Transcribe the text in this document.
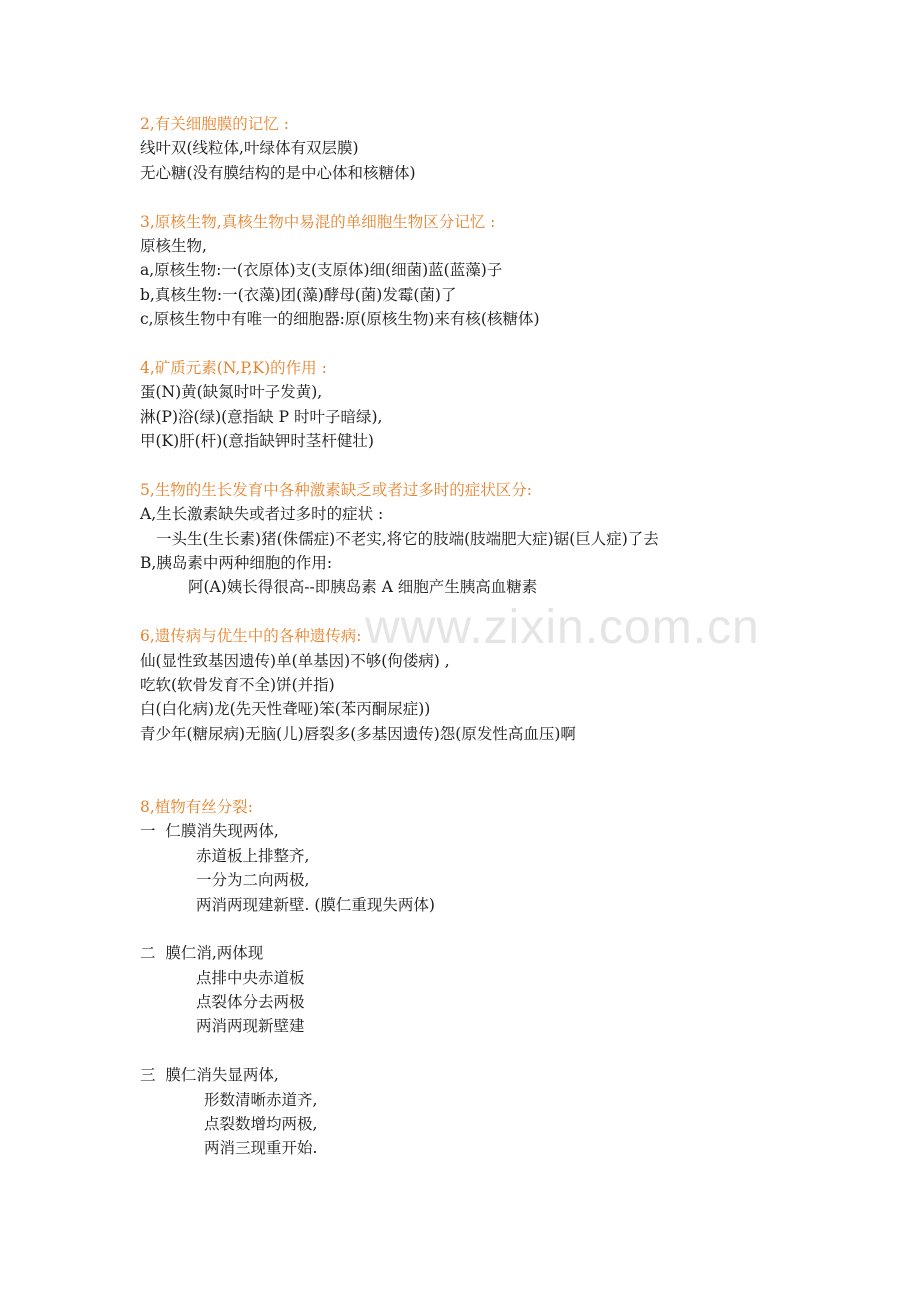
2,有关细胞膜的记忆 :
线叶双(线粒体,叶绿体有双层膜)
无心糖(没有膜结构的是中心体和核糖体)
3,原核生物,真核生物中易混的单细胞生物区分记忆 :
原核生物,
a,原核生物:一(衣原体)支(支原体)细(细菌)蓝(蓝藻)子
b,真核生物:一(衣藻)团(藻)酵母(菌)发霉(菌)了
c,原核生物中有唯一的细胞器:原(原核生物)来有核(核糖体)
4,矿质元素(N,P,K)的作用 :
蛋(N)黄(缺氮时叶子发黄),
淋(P)浴(绿)(意指缺 P 时叶子暗绿),
甲(K)肝(杆)(意指缺钾时茎杆健壮)
5,生物的生长发育中各种激素缺乏或者过多时的症状区分:
A,生长激素缺失或者过多时的症状 :
一头生(生长素)猪(侏儒症)不老实,将它的肢端(肢端肥大症)锯(巨人症)了去
B,胰岛素中两种细胞的作用:
阿(A)姨长得很高--即胰岛素 A 细胞产生胰高血糖素
6,遗传病与优生中的各种遗传病:
仙(显性致基因遗传)单(单基因)不够(佝偻病) ,
吃软(软骨发育不全)饼(并指)
白(白化病)龙(先天性聋哑)笨(苯丙酮尿症))
青少年(糖尿病)无脑(儿)唇裂多(多基因遗传)怨(原发性高血压)啊
8,植物有丝分裂:
一  仁膜消失现两体,
赤道板上排整齐,
一分为二向两极,
两消两现建新壁. (膜仁重现失两体)
二  膜仁消,两体现
点排中央赤道板
点裂体分去两极
两消两现新壁建
三  膜仁消失显两体,
形数清晰赤道齐,
点裂数增均两极,
两消三现重开始.
www.zixin.com.cn
